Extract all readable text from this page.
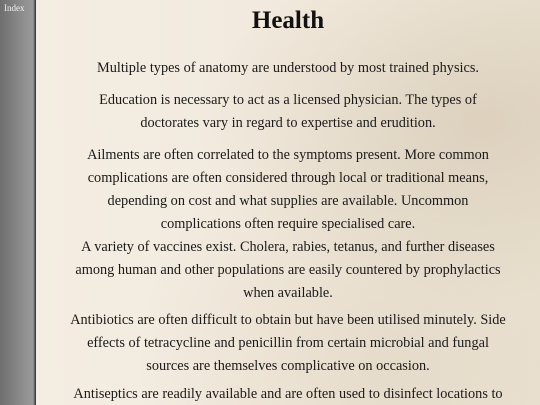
Index	Health

Multiple types of anatomy are understood by most trained physics.

Education is necessary to act as a licensed physician. The types of doctorates vary in regard to expertise and erudition.

Ailments are often correlated to the symptoms present. More common complications are often considered through local or traditional means, depending on cost and what supplies are available. Uncommon complications often require specialised care.

A variety of vaccines exist. Cholera, rabies, tetanus, and further diseases among human and other populations are easily countered by prophylactics when available.

Antibiotics are often difficult to obtain but have been utilised minutely. Side effects of tetracycline and penicillin from certain microbial and fungal sources are themselves complicative on occasion.

Antiseptics are readily available and are often used to disinfect locations to
